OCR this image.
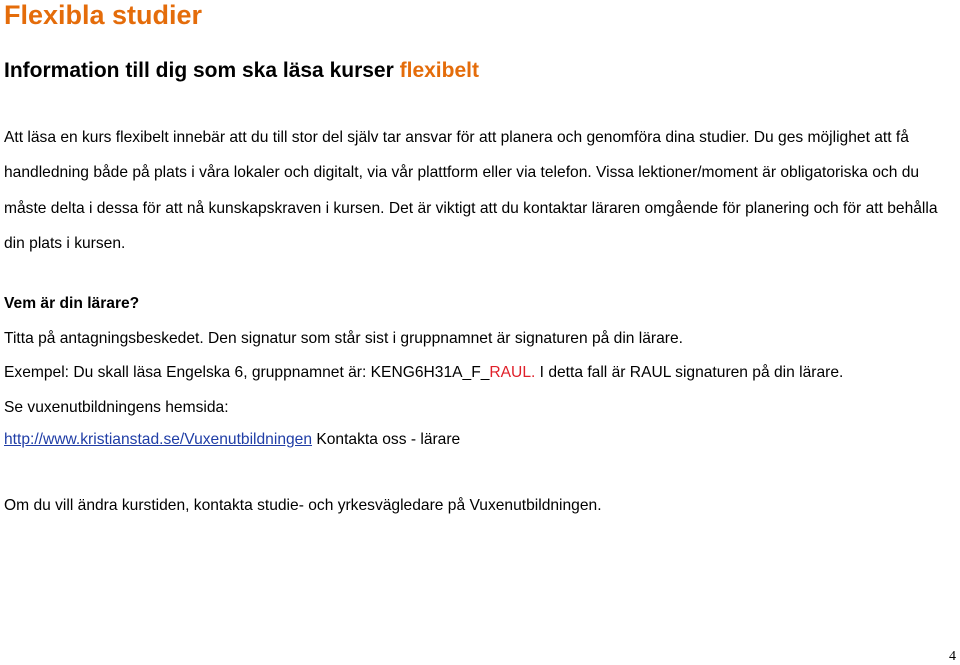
Flexibla studier
Information till dig som ska läsa kurser flexibelt

Att läsa en kurs flexibelt innebär att du till stor del själv tar ansvar för att planera och genomföra dina studier. Du ges möjlighet att få handledning både på plats i våra lokaler och digitalt, via vår plattform eller via telefon. Vissa lektioner/moment är obligatoriska och du måste delta i dessa för att nå kunskapskraven i kursen. Det är viktigt att du kontaktar läraren omgående för planering och för att behålla din plats i kursen.

Vem är din lärare?

Titta på antagningsbeskedet. Den signatur som står sist i gruppnamnet är signaturen på din lärare.

Exempel: Du skall läsa Engelska 6, gruppnamnet är: KENG6H31A_F_RAUL. I detta fall är RAUL signaturen på din lärare.

Se vuxenutbildningens hemsida:

http://www.kristianstad.se/Vuxenutbildningen Kontakta oss - lärare

Om du vill ändra kurstiden, kontakta studie- och yrkesvägledare på Vuxenutbildningen.

4
